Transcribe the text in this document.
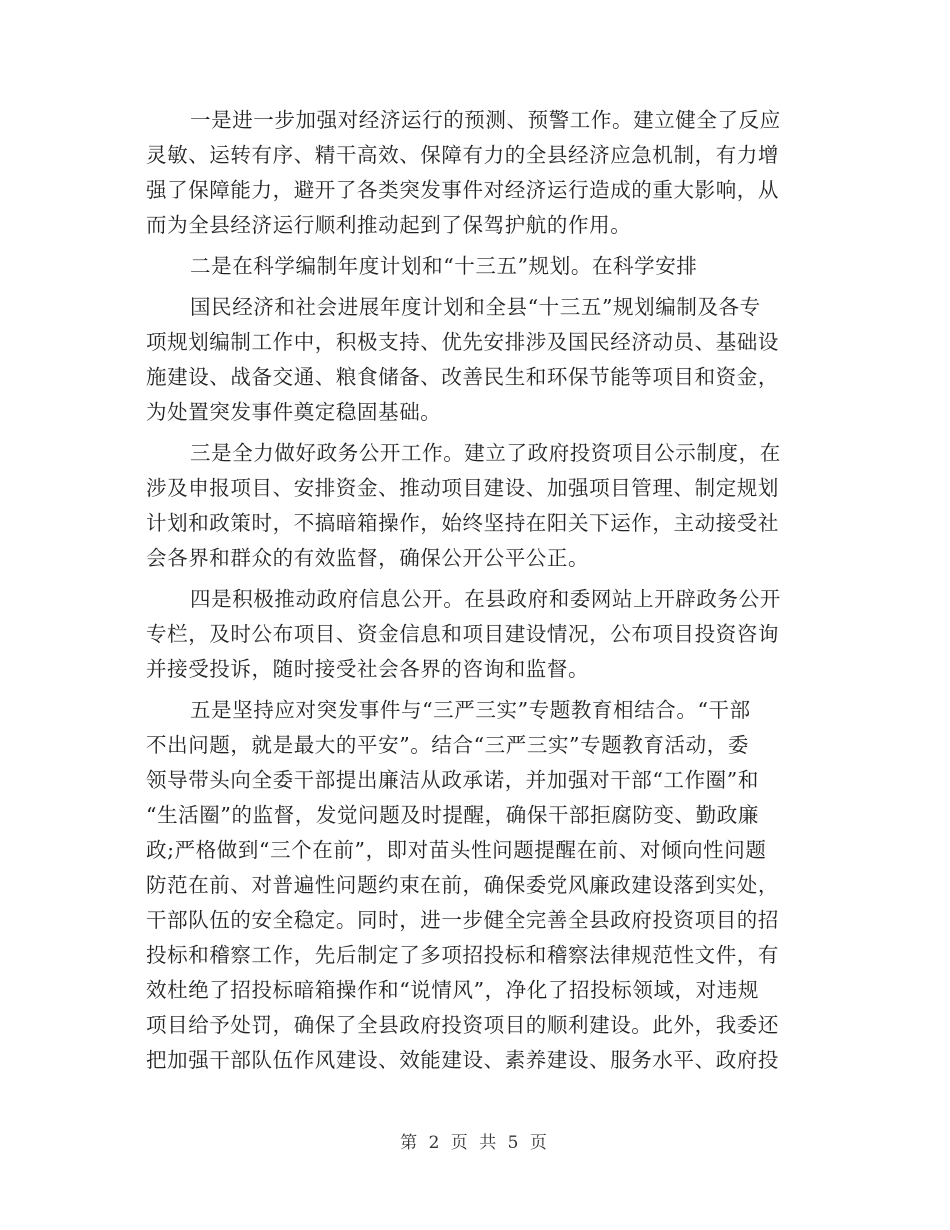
一是进一步加强对经济运行的预测、预警工作。建立健全了反应
灵敏、运转有序、精干高效、保障有力的全县经济应急机制，有力增
强了保障能力，避开了各类突发事件对经济运行造成的重大影响，从
而为全县经济运行顺利推动起到了保驾护航的作用。
二是在科学编制年度计划和“十三五”规划。在科学安排
国民经济和社会进展年度计划和全县“十三五”规划编制及各专
项规划编制工作中，积极支持、优先安排涉及国民经济动员、基础设
施建设、战备交通、粮食储备、改善民生和环保节能等项目和资金，
为处置突发事件奠定稳固基础。
三是全力做好政务公开工作。建立了政府投资项目公示制度，在
涉及申报项目、安排资金、推动项目建设、加强项目管理、制定规划
计划和政策时，不搞暗箱操作，始终坚持在阳关下运作，主动接受社
会各界和群众的有效监督，确保公开公平公正。
四是积极推动政府信息公开。在县政府和委网站上开辟政务公开
专栏，及时公布项目、资金信息和项目建设情况，公布项目投资咨询
并接受投诉，随时接受社会各界的咨询和监督。
五是坚持应对突发事件与“三严三实”专题教育相结合。“干部
不出问题，就是最大的平安”。结合“三严三实”专题教育活动，委
领导带头向全委干部提出廉洁从政承诺，并加强对干部“工作圈”和
“生活圈”的监督，发觉问题及时提醒，确保干部拒腐防变、勤政廉
政;严格做到“三个在前”，即对苗头性问题提醒在前、对倾向性问题
防范在前、对普遍性问题约束在前，确保委党风廉政建设落到实处，
干部队伍的安全稳定。同时，进一步健全完善全县政府投资项目的招
投标和稽察工作，先后制定了多项招投标和稽察法律规范性文件，有
效杜绝了招投标暗箱操作和“说情风”，净化了招投标领域，对违规
项目给予处罚，确保了全县政府投资项目的顺利建设。此外，我委还
把加强干部队伍作风建设、效能建设、素养建设、服务水平、政府投
第 2 页 共 5 页
